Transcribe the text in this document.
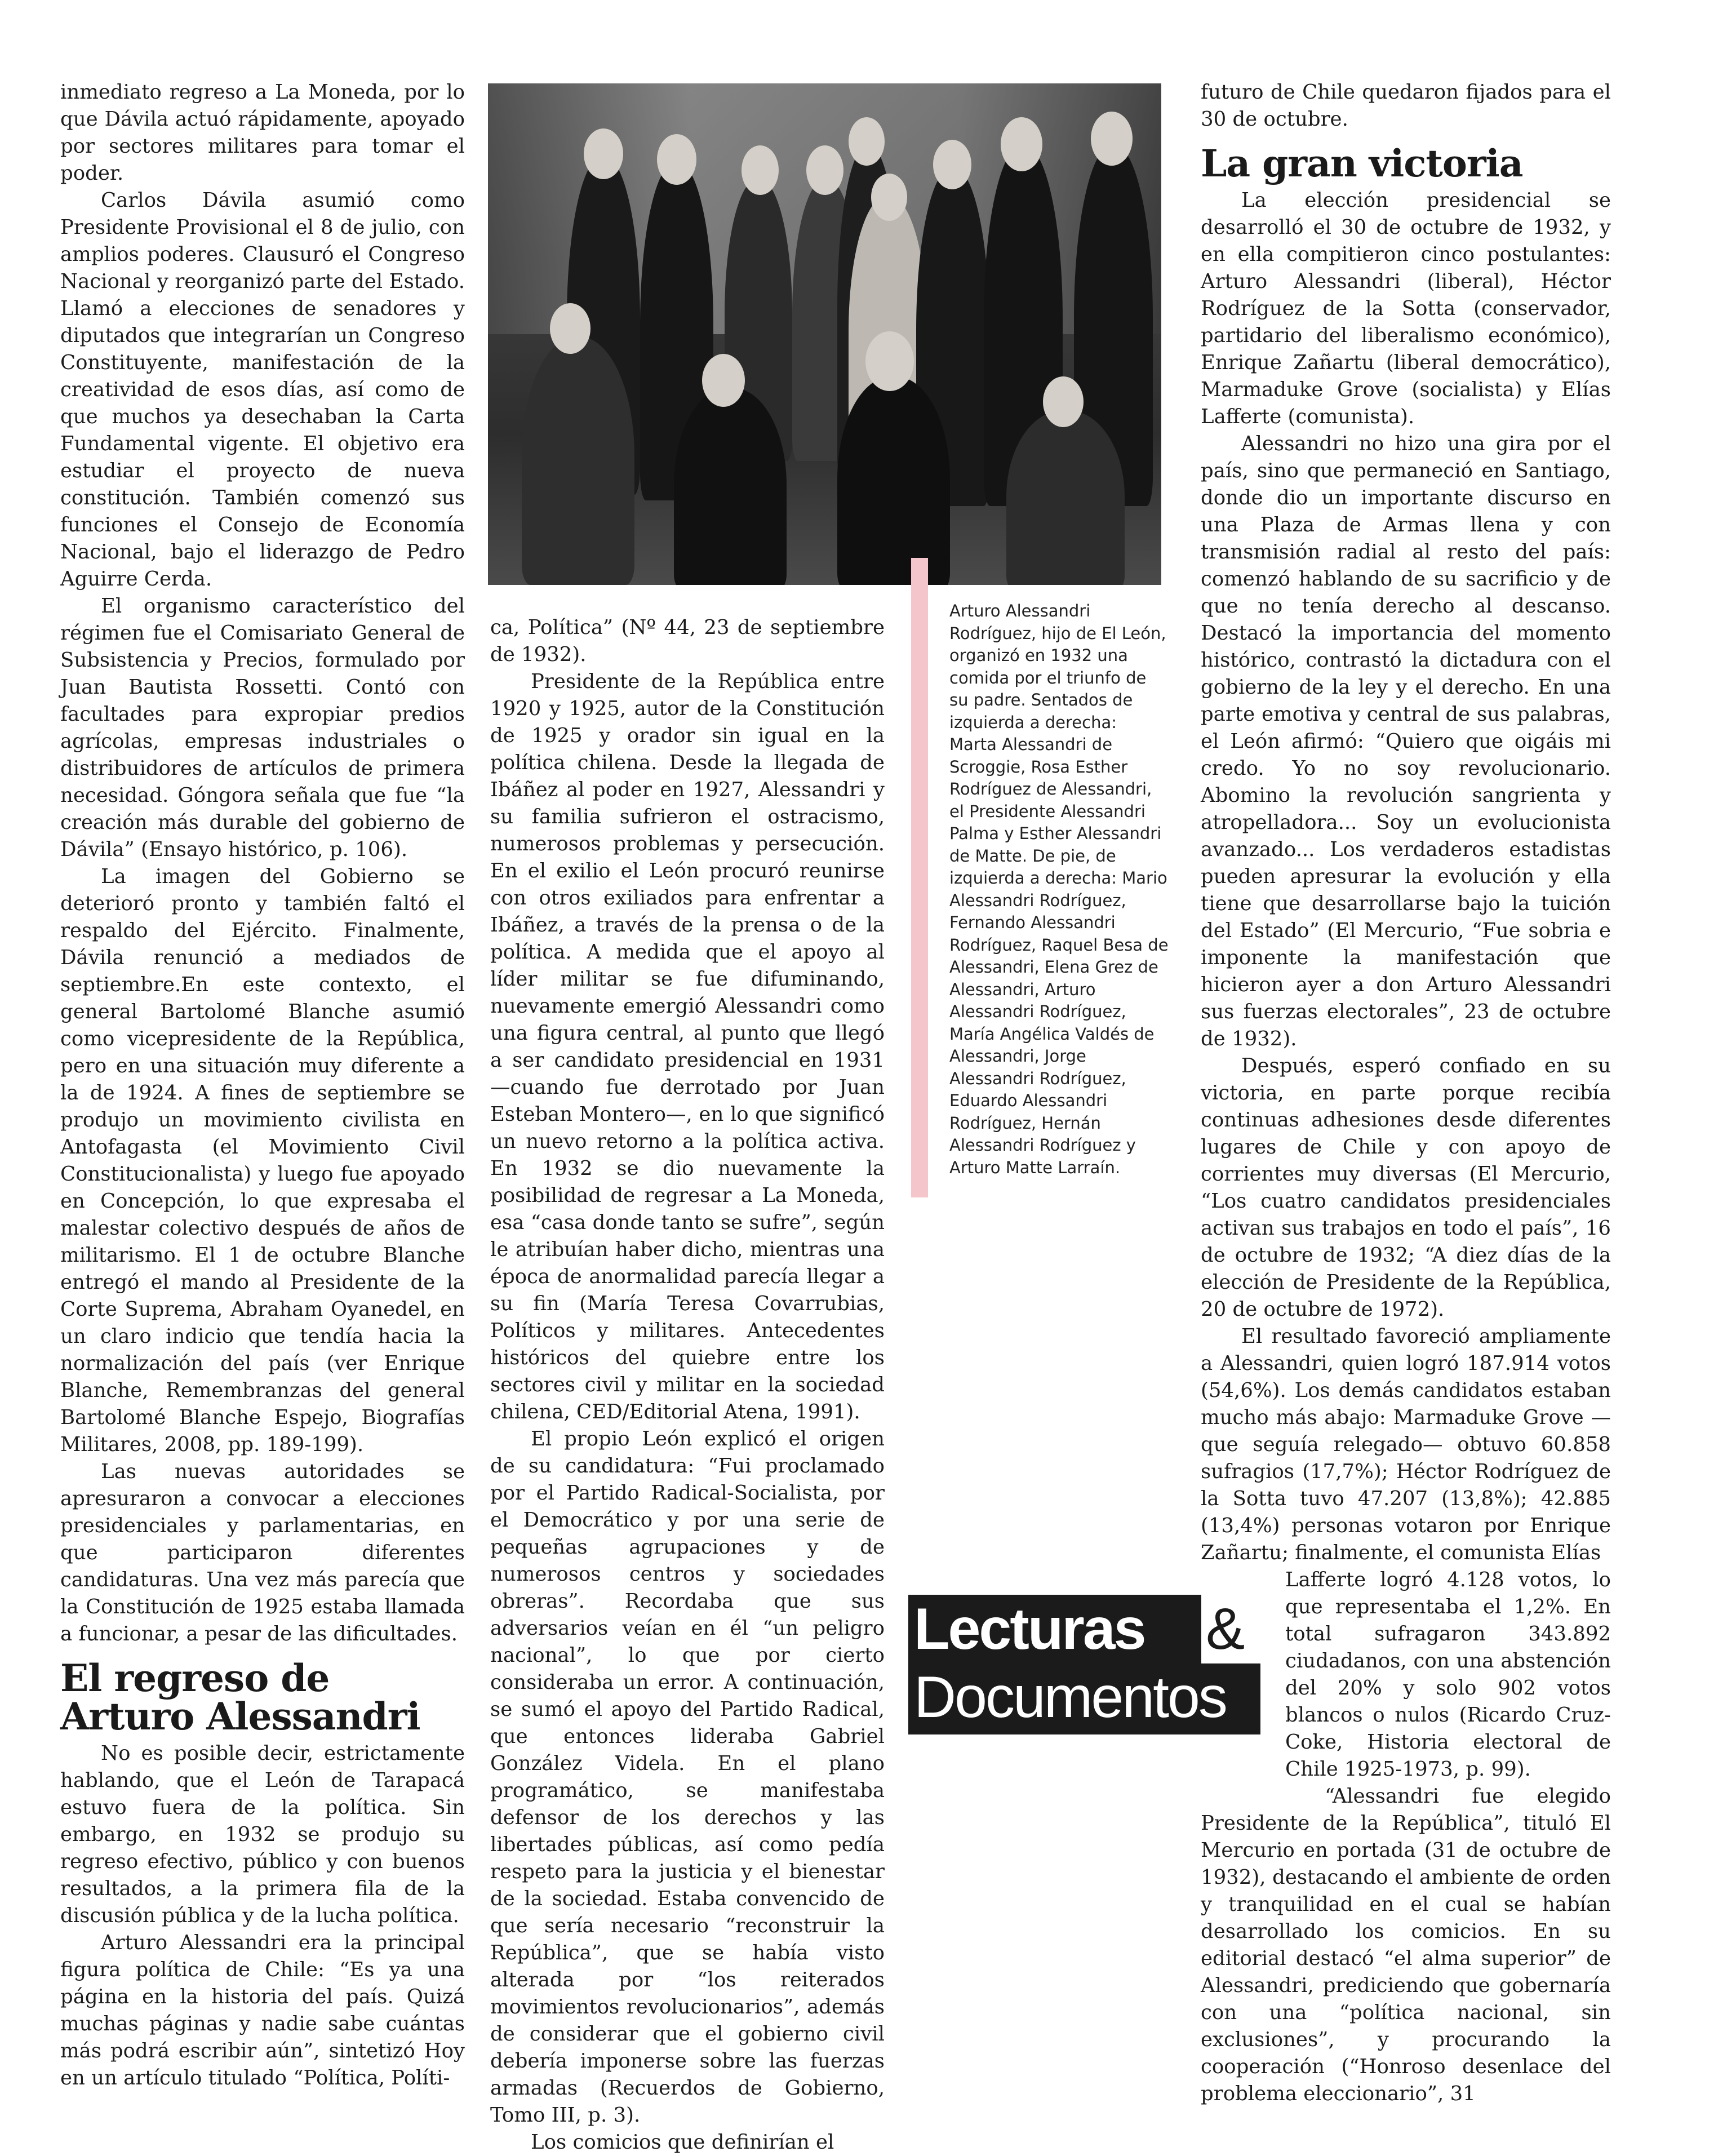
inmediato regreso a La Moneda, por lo que Dávila actuó rápidamente, apoyado por sectores militares para tomar el poder.

Carlos Dávila asumió como Presidente Provisional el 8 de julio, con amplios poderes. Clausuró el Congreso Nacional y reorganizó parte del Estado. Llamó a elecciones de senadores y diputados que integrarían un Congreso Constituyente, manifestación de la creatividad de esos días, así como de que muchos ya desechaban la Carta Fundamental vigente. El objetivo era estudiar el proyecto de nueva constitución. También comenzó sus funciones el Consejo de Economía Nacional, bajo el liderazgo de Pedro Aguirre Cerda.

El organismo característico del régimen fue el Comisariato General de Subsistencia y Precios, formulado por Juan Bautista Rossetti. Contó con facultades para expropiar predios agrícolas, empresas industriales o distribuidores de artículos de primera necesidad. Góngora señala que fue “la creación más durable del gobierno de Dávila” (Ensayo histórico, p. 106).

La imagen del Gobierno se deterioró pronto y también faltó el respaldo del Ejército. Finalmente, Dávila renunció a mediados de septiembre.En este contexto, el general Bartolomé Blanche asumió como vicepresidente de la República, pero en una situación muy diferente a la de 1924. A fines de septiembre se produjo un movimiento civilista en Antofagasta (el Movimiento Civil Constitucionalista) y luego fue apoyado en Concepción, lo que expresaba el malestar colectivo después de años de militarismo. El 1 de octubre Blanche entregó el mando al Presidente de la Corte Suprema, Abraham Oyanedel, en un claro indicio que tendía hacia la normalización del país (ver Enrique Blanche, Remembranzas del general Bartolomé Blanche Espejo, Biografías Militares, 2008, pp. 189-199).

Las nuevas autoridades se apresuraron a convocar a elecciones presidenciales y parlamentarias, en que participaron diferentes candidaturas. Una vez más parecía que la Constitución de 1925 estaba llamada a funcionar, a pesar de las dificultades.

El regreso de Arturo Alessandri

No es posible decir, estrictamente hablando, que el León de Tarapacá estuvo fuera de la política. Sin embargo, en 1932 se produjo su regreso efectivo, público y con buenos resultados, a la primera fila de la discusión pública y de la lucha política.

Arturo Alessandri era la principal figura política de Chile: “Es ya una página en la historia del país. Quizá muchas páginas y nadie sabe cuántas más podrá escribir aún”, sintetizó Hoy en un artículo titulado “Política, Políti-

Arturo Alessandri Rodríguez, hijo de El León, organizó en 1932 una comida por el triunfo de su padre. Sentados de izquierda a derecha: Marta Alessandri de Scroggie, Rosa Esther Rodríguez de Alessandri, el Presidente Alessandri Palma y Esther Alessandri de Matte. De pie, de izquierda a derecha: Mario Alessandri Rodríguez, Fernando Alessandri Rodríguez, Raquel Besa de Alessandri, Elena Grez de Alessandri, Arturo Alessandri Rodríguez, María Angélica Valdés de Alessandri, Jorge Alessandri Rodríguez, Eduardo Alessandri Rodríguez, Hernán Alessandri Rodríguez y Arturo Matte Larraín.

ca, Política” (Nº 44, 23 de septiembre de 1932).

Presidente de la República entre 1920 y 1925, autor de la Constitución de 1925 y orador sin igual en la política chilena. Desde la llegada de Ibáñez al poder en 1927, Alessandri y su familia sufrieron el ostracismo, numerosos problemas y persecución. En el exilio el León procuró reunirse con otros exiliados para enfrentar a Ibáñez, a través de la prensa o de la política. A medida que el apoyo al líder militar se fue difuminando, nuevamente emergió Alessandri como una figura central, al punto que llegó a ser candidato presidencial en 1931 —cuando fue derrotado por Juan Esteban Montero—, en lo que significó un nuevo retorno a la política activa. En 1932 se dio nuevamente la posibilidad de regresar a La Moneda, esa “casa donde tanto se sufre”, según le atribuían haber dicho, mientras una época de anormalidad parecía llegar a su fin (María Teresa Covarrubias, Políticos y militares. Antecedentes históricos del quiebre entre los sectores civil y militar en la sociedad chilena, CED/Editorial Atena, 1991).

El propio León explicó el origen de su candidatura: “Fui proclamado por el Partido Radical-Socialista, por el Democrático y por una serie de pequeñas agrupaciones y de numerosos centros y sociedades obreras”. Recordaba que sus adversarios veían en él “un peligro nacional”, lo que por cierto consideraba un error. A continuación, se sumó el apoyo del Partido Radical, que entonces lideraba Gabriel González Videla. En el plano programático, se manifestaba defensor de los derechos y las libertades públicas, así como pedía respeto para la justicia y el bienestar de la sociedad. Estaba convencido de que sería necesario “reconstruir la República”, que se había visto alterada por “los reiterados movimientos revolucionarios”, además de considerar que el gobierno civil debería imponerse sobre las fuerzas armadas (Recuerdos de Gobierno, Tomo III, p. 3).

Los comicios que definirían el

Lecturas	&
Documentos

futuro de Chile quedaron fijados para el 30 de octubre.

La gran victoria

La elección presidencial se desarrolló el 30 de octubre de 1932, y en ella compitieron cinco postulantes: Arturo Alessandri (liberal), Héctor Rodríguez de la Sotta (conservador, partidario del liberalismo económico), Enrique Zañartu (liberal democrático), Marmaduke Grove (socialista) y Elías Lafferte (comunista).

Alessandri no hizo una gira por el país, sino que permaneció en Santiago, donde dio un importante discurso en una Plaza de Armas llena y con transmisión radial al resto del país: comenzó hablando de su sacrificio y de que no tenía derecho al descanso. Destacó la importancia del momento histórico, contrastó la dictadura con el gobierno de la ley y el derecho. En una parte emotiva y central de sus palabras, el León afirmó: “Quiero que oigáis mi credo. Yo no soy revolucionario. Abomino la revolución sangrienta y atropelladora... Soy un evolucionista avanzado... Los verdaderos estadistas pueden apresurar la evolución y ella tiene que desarrollarse bajo la tuición del Estado” (El Mercurio, “Fue sobria e imponente la manifestación que hicieron ayer a don Arturo Alessandri sus fuerzas electorales”, 23 de octubre de 1932).

Después, esperó confiado en su victoria, en parte porque recibía continuas adhesiones desde diferentes lugares de Chile y con apoyo de corrientes muy diversas (El Mercurio, “Los cuatro candidatos presidenciales activan sus trabajos en todo el país”, 16 de octubre de 1932; “A diez días de la elección de Presidente de la República, 20 de octubre de 1972).

El resultado favoreció ampliamente a Alessandri, quien logró 187.914 votos (54,6%). Los demás candidatos estaban mucho más abajo: Marmaduke Grove —que seguía relegado— obtuvo 60.858 sufragios (17,7%); Héctor Rodríguez de la Sotta tuvo 47.207 (13,8%); 42.885 (13,4%) personas votaron por Enrique Zañartu; finalmente, el comunista Elías

Lafferte logró 4.128 votos, lo que representaba el 1,2%. En total sufragaron 343.892 ciudadanos, con una abstención del 20% y solo 902 votos blancos o nulos (Ricardo Cruz-Coke, Historia electoral de Chile 1925-1973, p. 99).

“Alessandri fue elegido Presidente de la República”, tituló El Mercurio en portada (31 de octubre de 1932), destacando el ambiente de orden y tranquilidad en el cual se habían desarrollado los comicios. En su editorial destacó “el alma superior” de Alessandri, prediciendo que gobernaría con una “política nacional, sin exclusiones”, y procurando la cooperación (“Honroso desenlace del problema eleccionario”, 31
